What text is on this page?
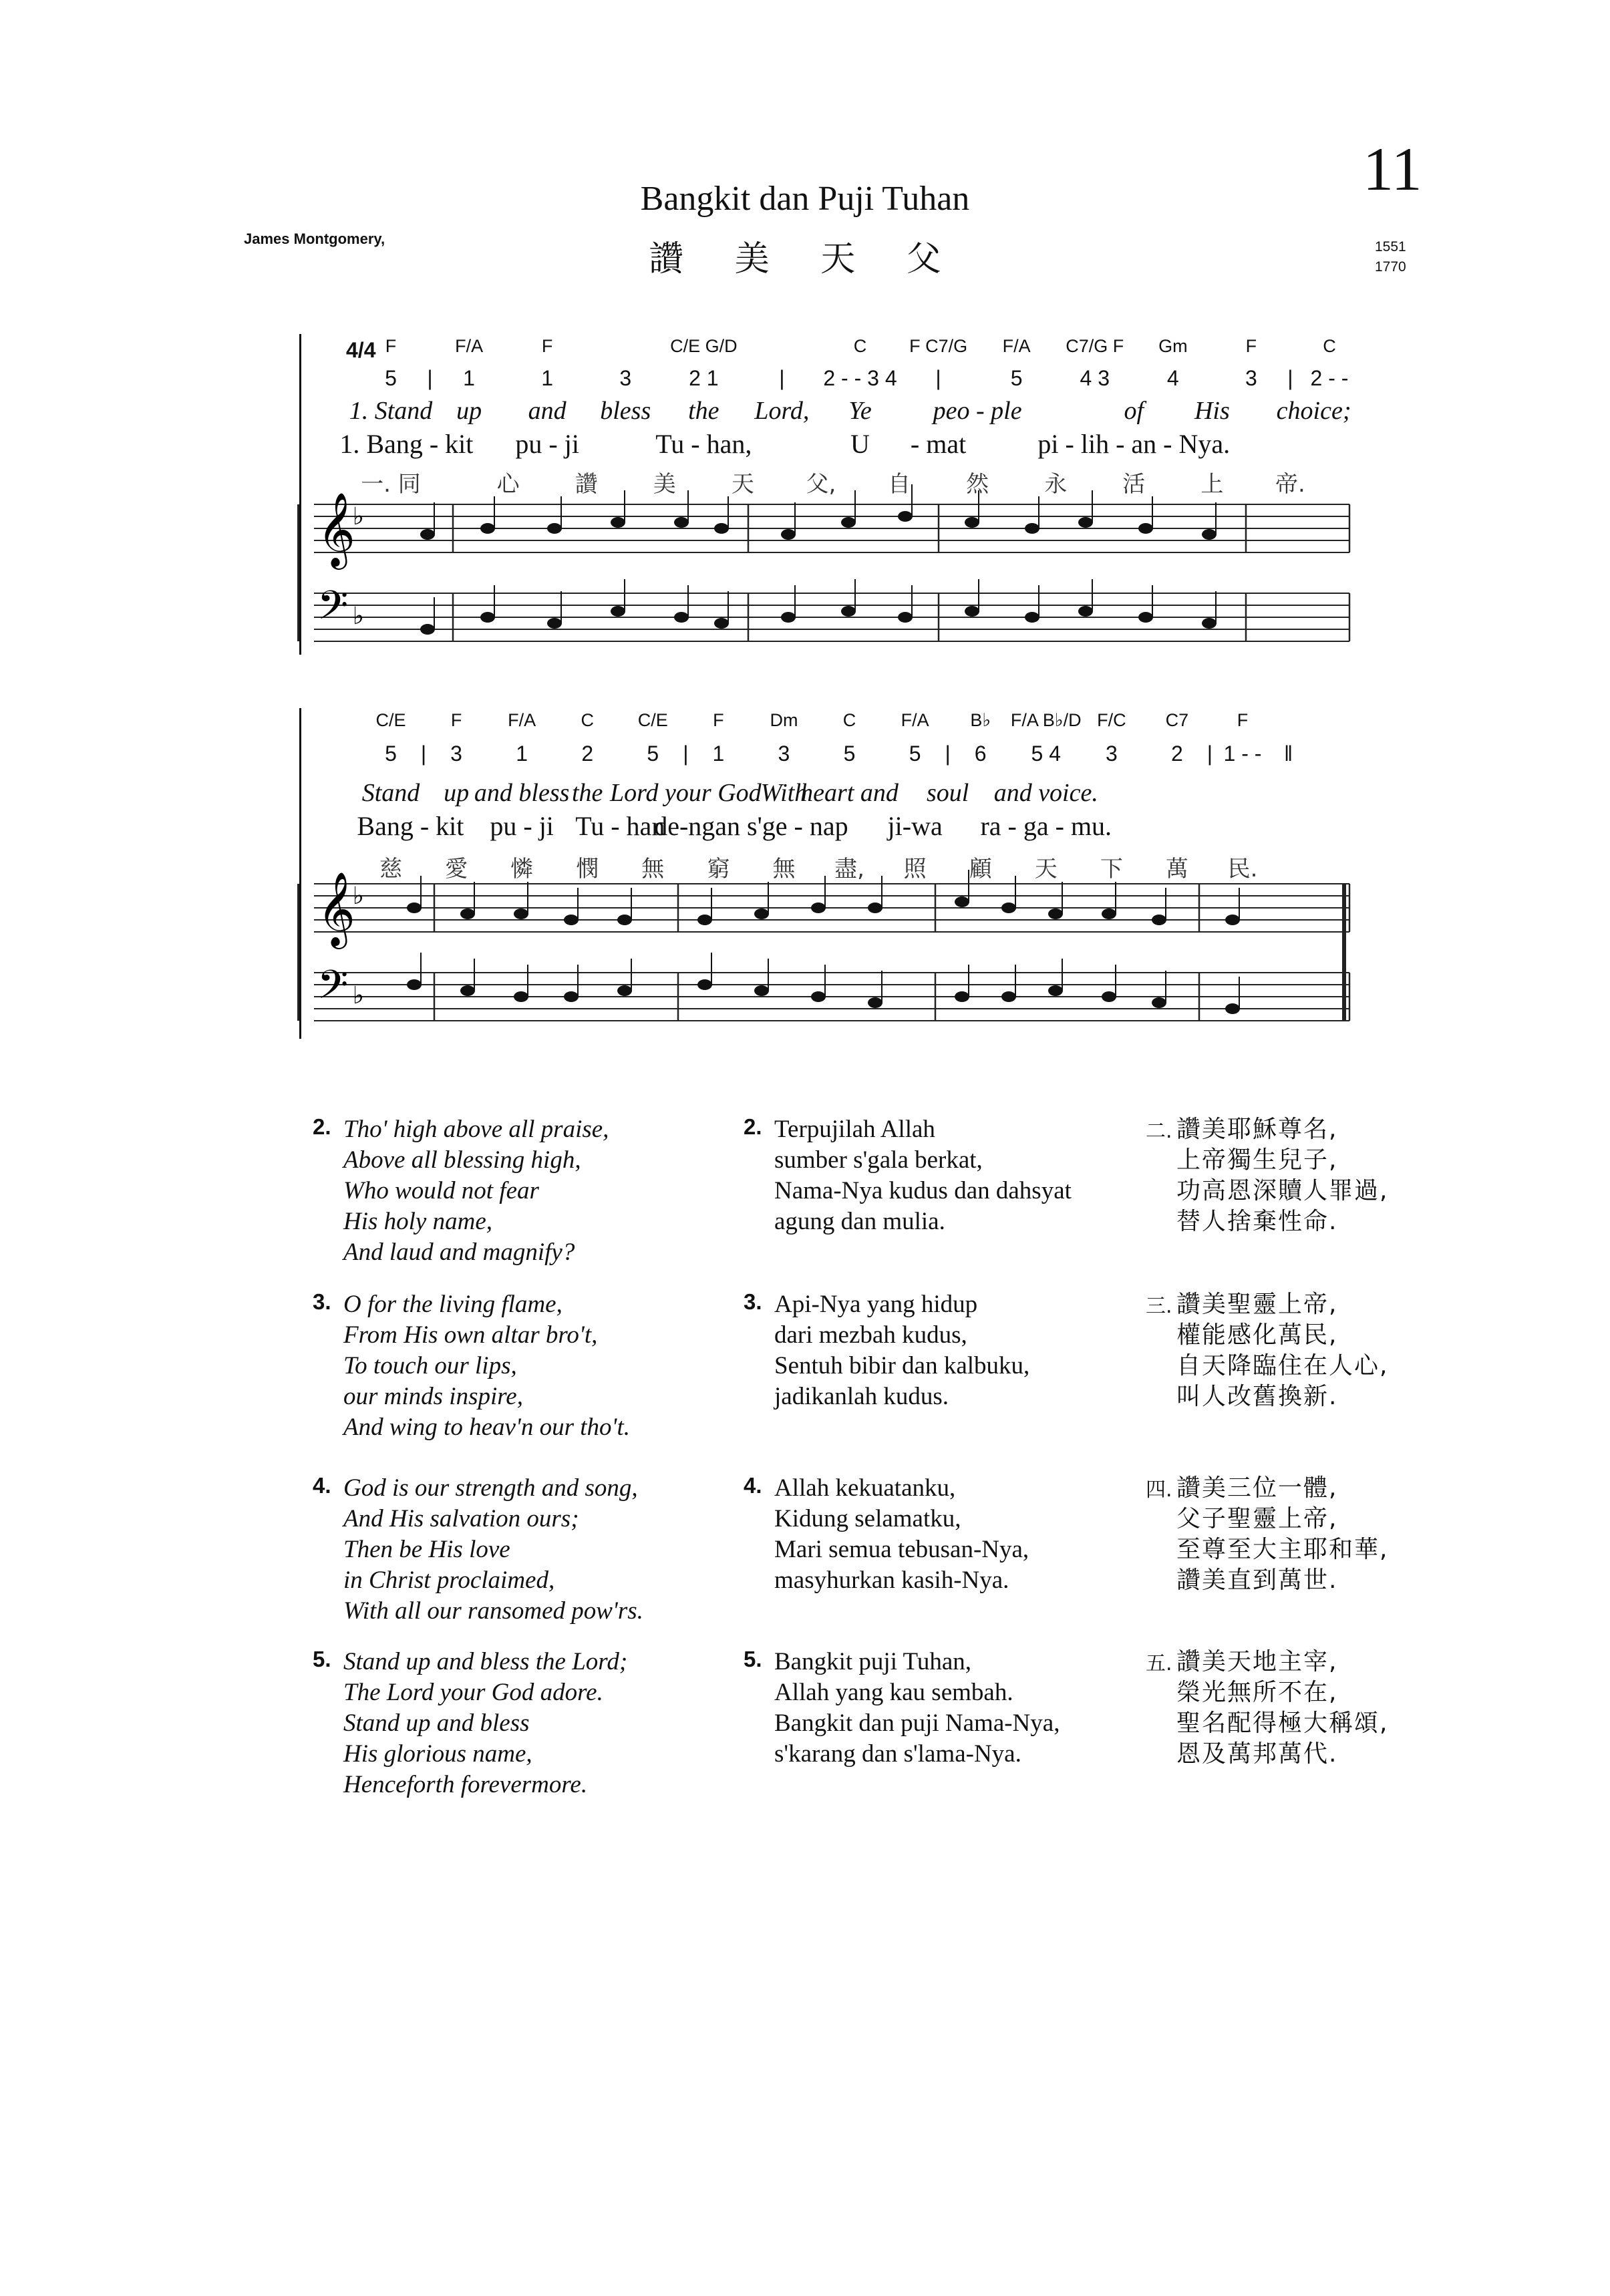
11
Bangkit dan Puji Tuhan
讚 美 天 父
James Montgomery,	1551
1770
4/4 F	F/A	F	C/E G/D	C F C7/G F/A C7/G F Gm	F	C
5 | 1	1	3	2 1	| 2 - - 3 4 |	5	4 3	4	3 | 2 - -
1. Stand up and bless the Lord, Ye peo - ple	of His choice;
1. Bang - kit pu - ji	Tu - han,	U - mat	pi - lih - an - Nya.
一. 同	心 讚 美 天 父, 自 然 永 活 上 帝.
C/E F	F/A C C/E F	Dm C F/A B♭ F/A B♭/D F/C C7	F
5 | 3	1	2	5 | 1	3	5	5 | 6 5 4 3	2 | 1 - - ‖
Stand up and bless the Lord your God
With
heart and soul and voice.
Bang - kit pu - ji Tu - han
de-ngan s'ge - nap ji-wa ra - ga - mu.
慈 愛 憐 憫 無 窮 無 盡, 照 顧 天 下 萬 民.
𝄞
♭
𝄢 ♭
𝄞
♭
𝄢 ♭
2. Tho' high above all praise,
Above all blessing high,
Who would not fear
His holy name,
And laud and magnify?
3. O for the living flame,
From His own altar bro't,
To touch our lips,
our minds inspire,
And wing to heav'n our tho't.
4. God is our strength and song,
And His salvation ours;
Then be His love
in Christ proclaimed,
With all our ransomed pow'rs.
5. Stand up and bless the Lord;
The Lord your God adore.
Stand up and bless
His glorious name,
Henceforth forevermore.
2. Terpujilah Allah
sumber s'gala berkat,
Nama-Nya kudus dan dahsyat
agung dan mulia.
3. Api-Nya yang hidup
dari mezbah kudus,
Sentuh bibir dan kalbuku,
jadikanlah kudus.
4. Allah kekuatanku,
Kidung selamatku,
Mari semua tebusan-Nya,
masyhurkan kasih-Nya.
5. Bangkit puji Tuhan,
Allah yang kau sembah.
Bangkit dan puji Nama-Nya,
s'karang dan s'lama-Nya.
二. 讚美耶穌尊名,
上帝獨生兒子,
功高恩深贖人罪過,
替人捨棄性命.
三. 讚美聖靈上帝,
權能感化萬民,
自天降臨住在人心,
叫人改舊換新.
四. 讚美三位一體,
父子聖靈上帝,
至尊至大主耶和華,
讚美直到萬世.
五. 讚美天地主宰,
榮光無所不在,
聖名配得極大稱頌,
恩及萬邦萬代.
